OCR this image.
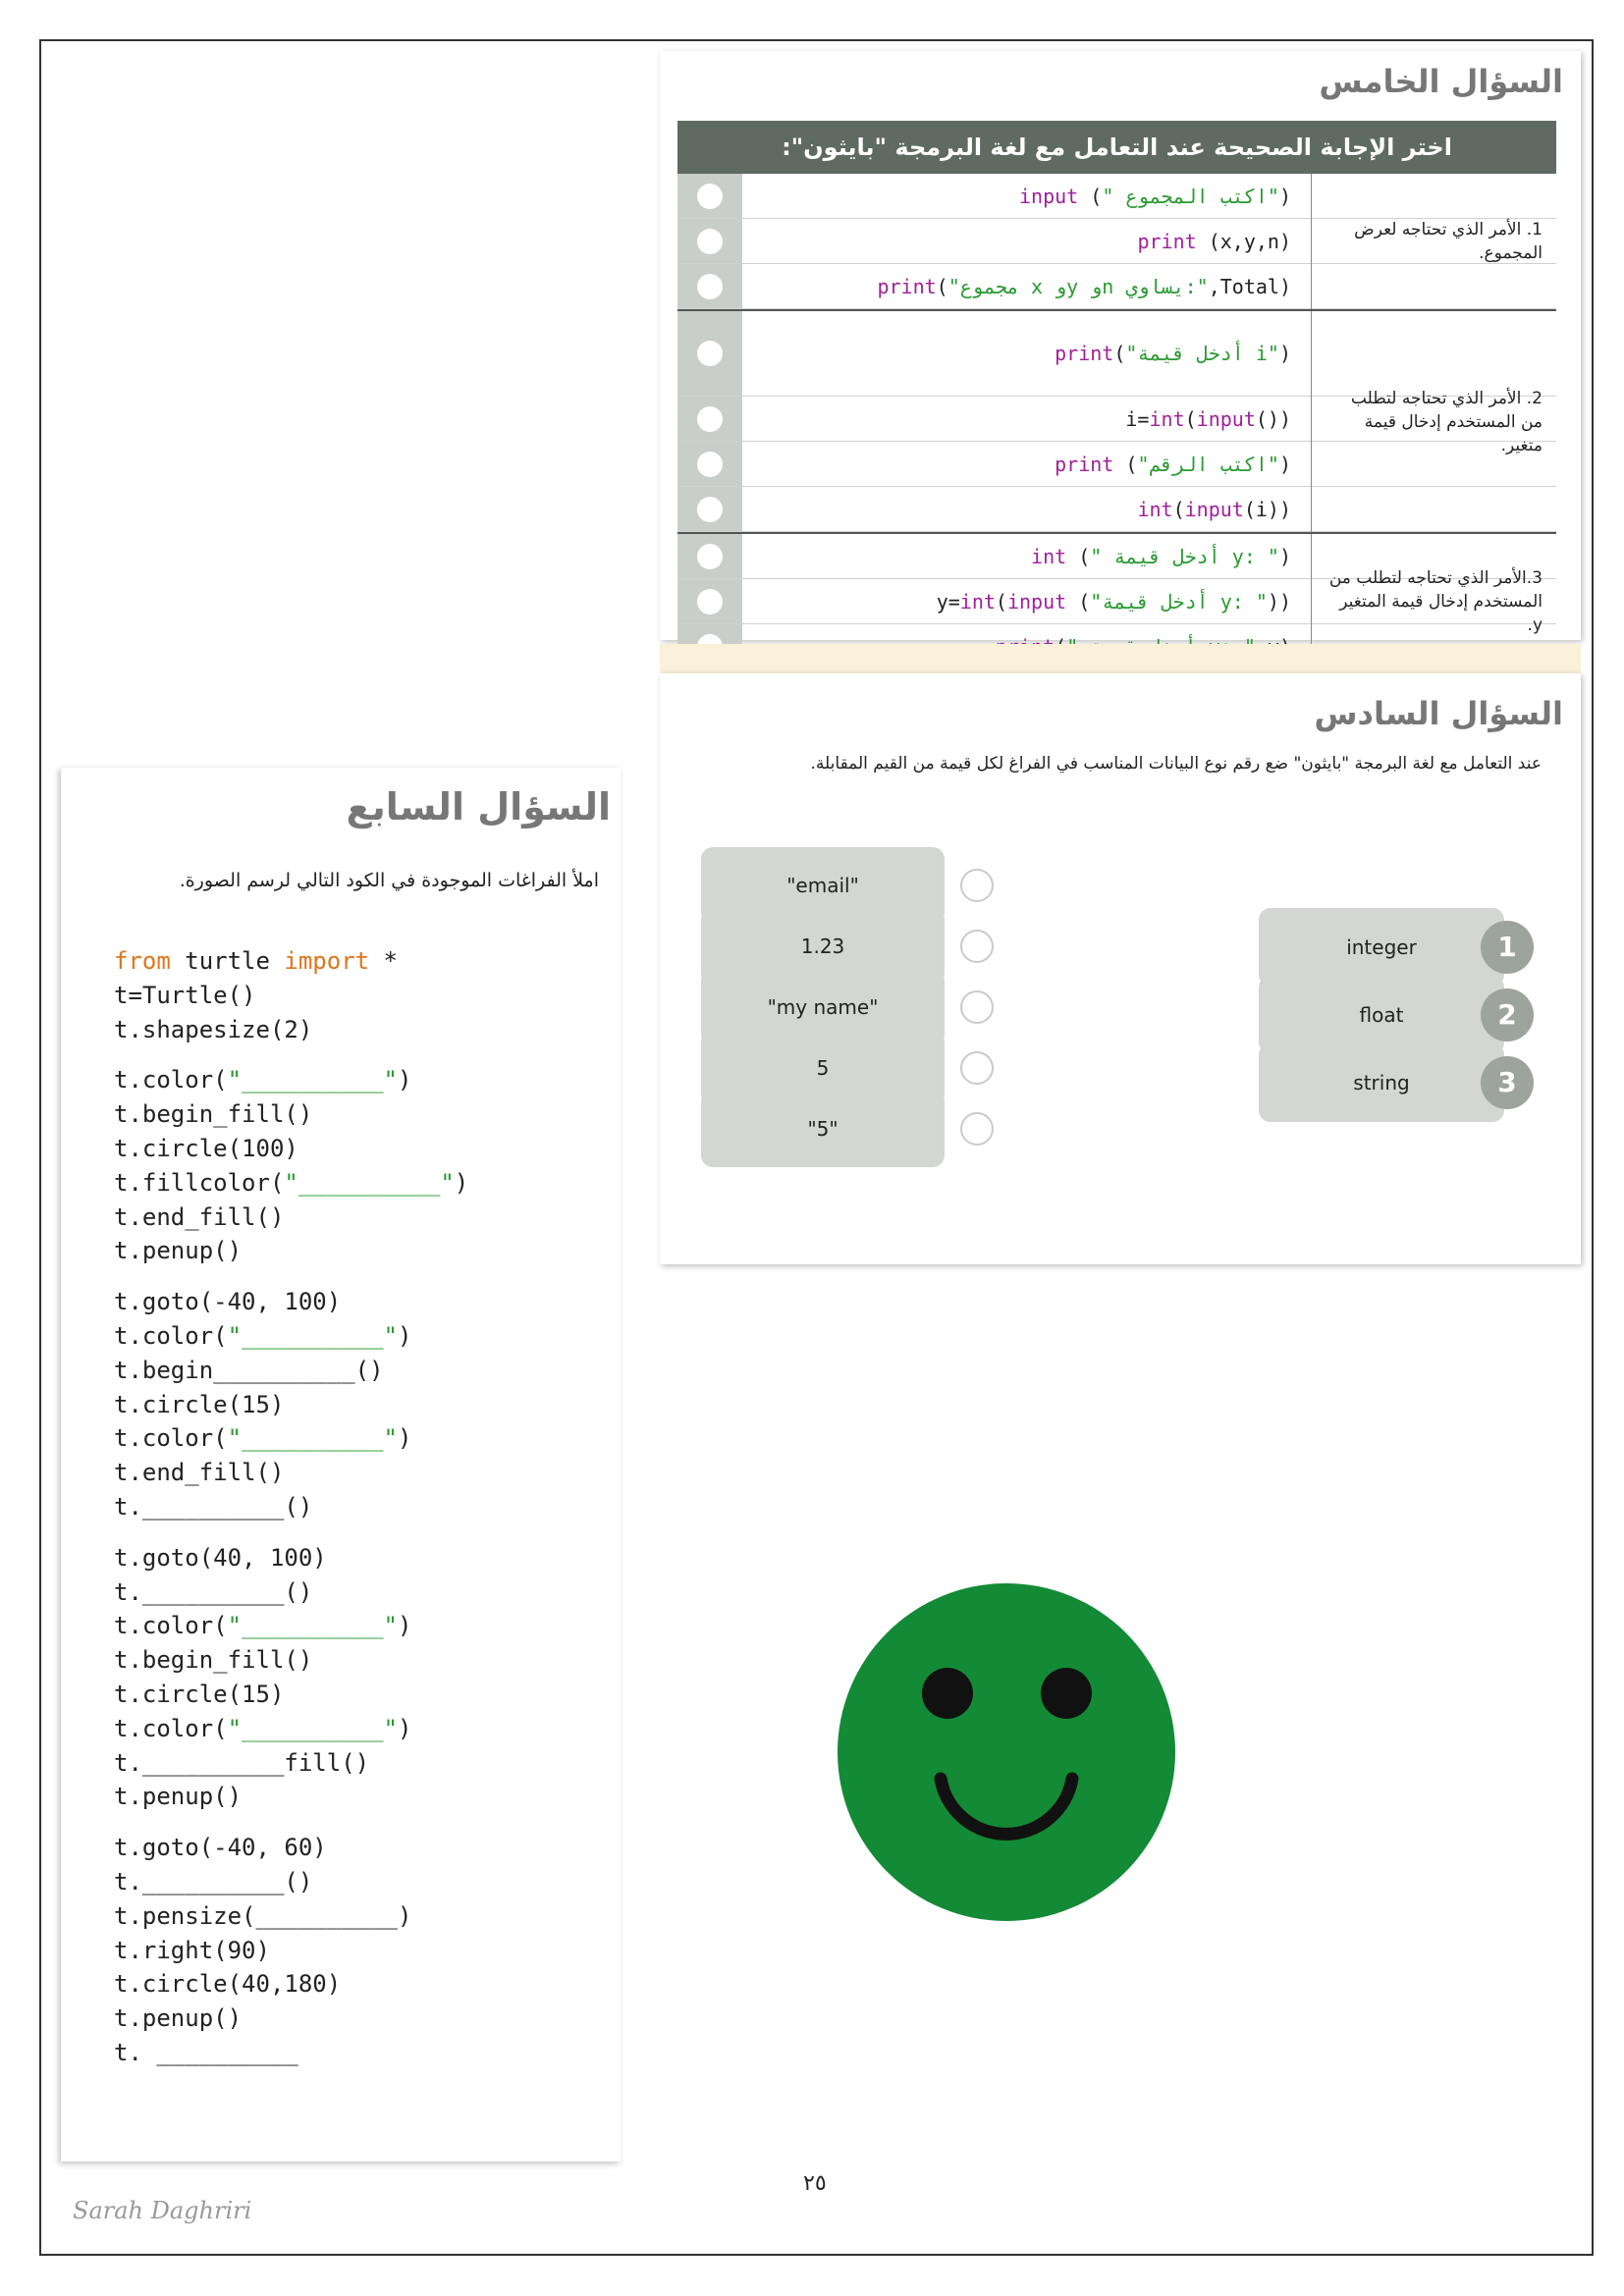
السؤال الخامس
اختر الإجابة الصحيحة عند التعامل مع لغة البرمجة "بايثون":
input (" اكتب المجموع")
print (x,y,n)
print("مجموع x وy وn يساوي:",Total)
1. الأمر الذي تحتاجه لعرض المجموع.
print("أدخل قيمة i")
i=int(input())
print ("اكتب الرقم")
int(input(i))
2. الأمر الذي تحتاجه لتطلب من المستخدم إدخال قيمة متغير.
int (" أدخل قيمة y: ")
y=int(input ("أدخل قيمة y: "))
3.الأمر الذي تحتاجه لتطلب من المستخدم إدخال قيمة المتغير y.
السؤال السادس
عند التعامل مع لغة البرمجة "بايثون" ضع رقم نوع البيانات المناسب في الفراغ لكل قيمة من القيم المقابلة.
"email"
1.23
"my name"
5
"5"
integer	1
float	2
string	3
السؤال السابع
املأ الفراغات الموجودة في الكود التالي لرسم الصورة.
from turtle import *
t=Turtle()
t.shapesize(2)
t.color("__________")
t.begin_fill()
t.circle(100)
t.fillcolor("__________")
t.end_fill()
t.penup()
t.goto(-40, 100)
t.color("__________")
t.begin__________()
t.circle(15)
t.color("__________")
t.end_fill()
t.__________()
t.goto(40, 100)
t.__________()
t.color("__________")
t.begin_fill()
t.circle(15)
t.color("__________")
t.__________fill()
t.penup()
t.goto(-40, 60)
t.__________()
t.pensize(__________)
t.right(90)
t.circle(40,180)
t.penup()
t. __________
٢٥
Sarah Daghriri
